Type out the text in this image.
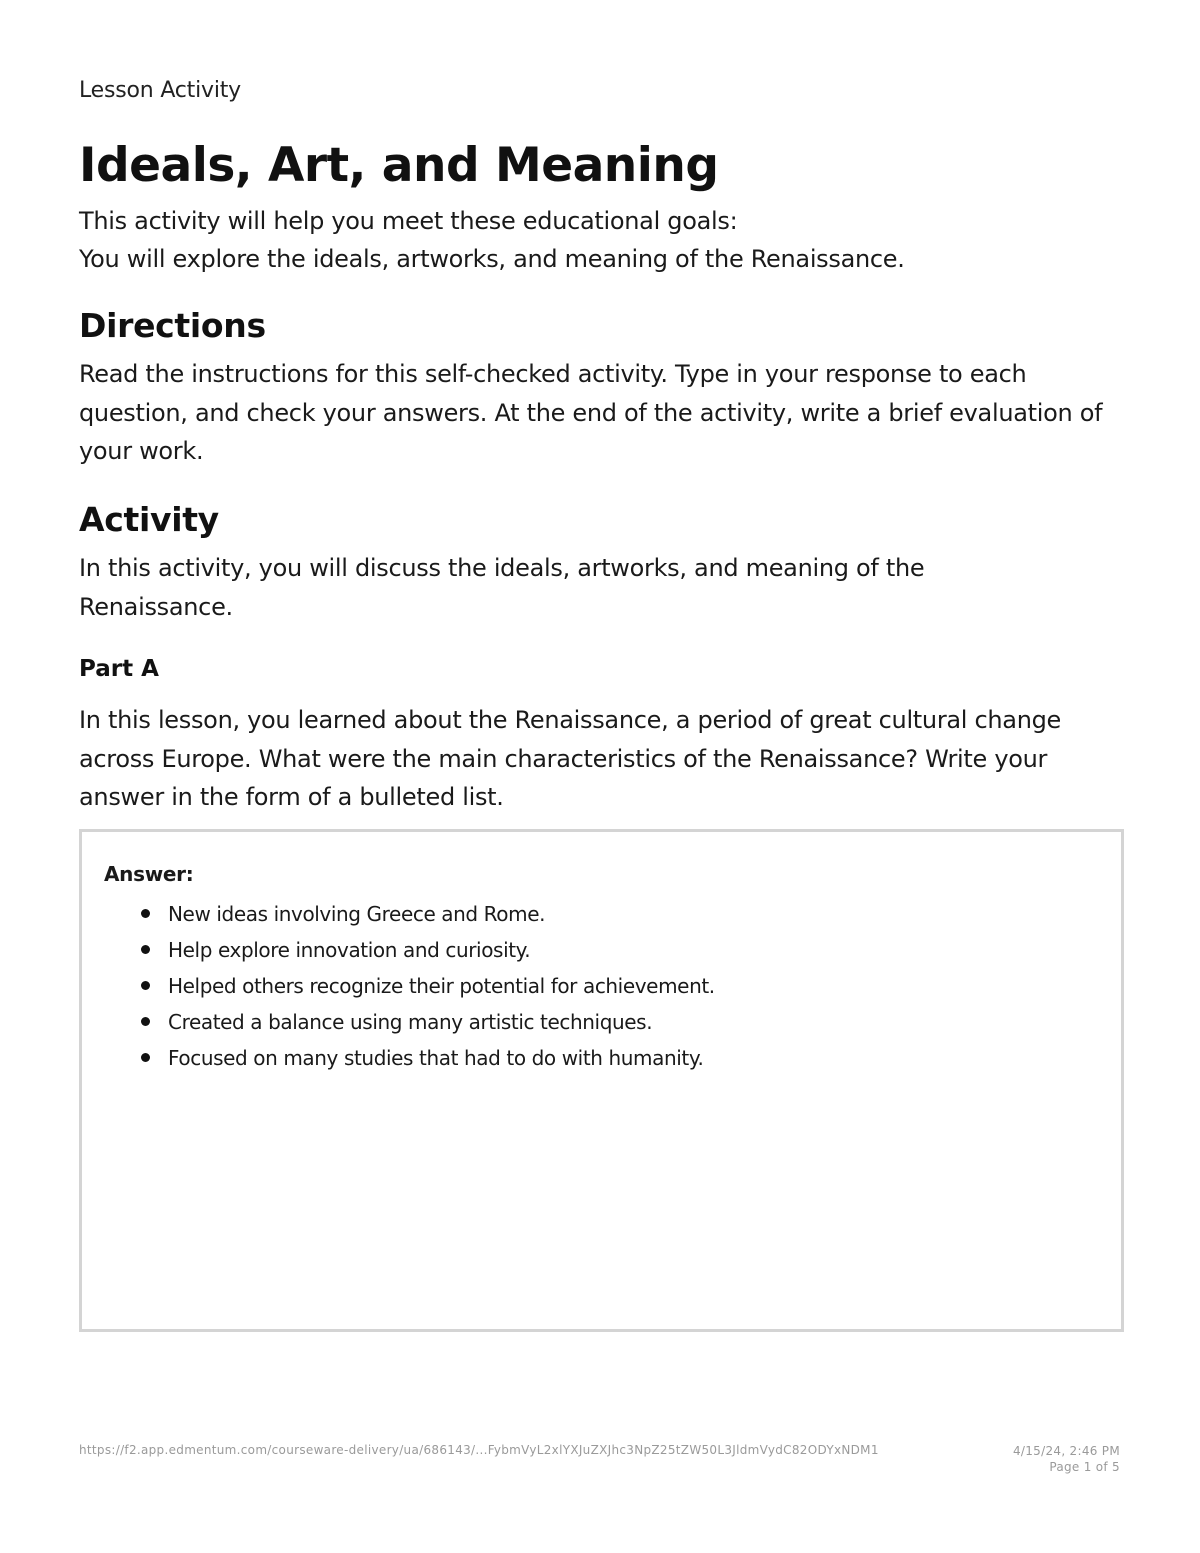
Lesson Activity
Ideals, Art, and Meaning
This activity will help you meet these educational goals:
You will explore the ideals, artworks, and meaning of the Renaissance.
Directions

Read the instructions for this self-checked activity. Type in your response to each question, and check your answers. At the end of the activity, write a brief evaluation of your work.

Activity

In this activity, you will discuss the ideals, artworks, and meaning of the Renaissance.

Part A

In this lesson, you learned about the Renaissance, a period of great cultural change across Europe. What were the main characteristics of the Renaissance? Write your answer in the form of a bulleted list.

Answer:
New ideas involving Greece and Rome.
Help explore innovation and curiosity.
Helped others recognize their potential for achievement.
Created a balance using many artistic techniques.
Focused on many studies that had to do with humanity.
https://f2.app.edmentum.com/courseware-delivery/ua/686143/...FybmVyL2xlYXJuZXJhc3NpZ25tZW50L3JldmVydC82ODYxNDM1	4/15/24, 2:46 PM
Page 1 of 5
